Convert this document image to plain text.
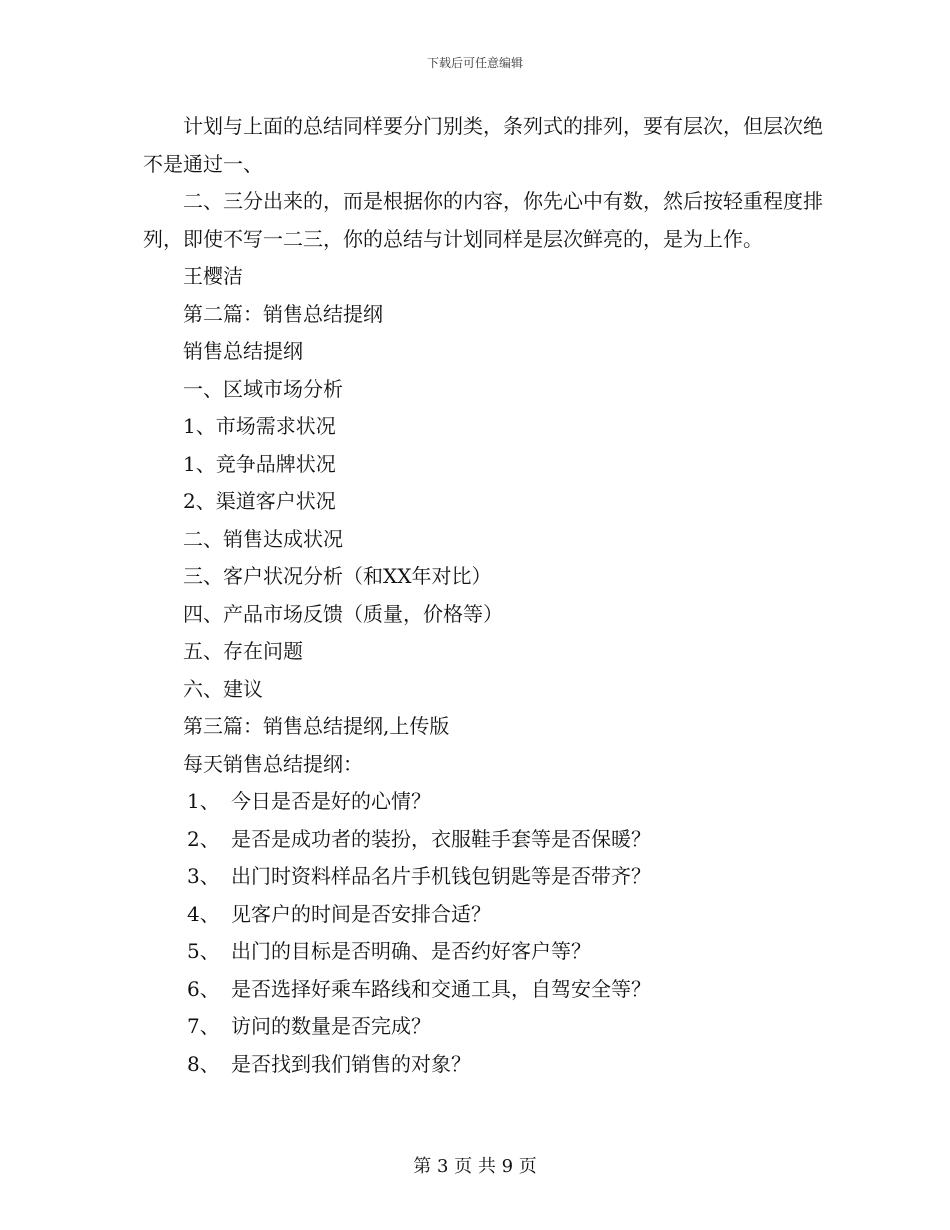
下载后可任意编辑

计划与上面的总结同样要分门别类，条列式的排列，要有层次，但层次绝不是通过一、

二、三分出来的，而是根据你的内容，你先心中有数，然后按轻重程度排列，即使不写一二三，你的总结与计划同样是层次鲜亮的，是为上作。

王樱洁

第二篇：销售总结提纲

销售总结提纲

一、区域市场分析

1、市场需求状况

1、竞争品牌状况

2、渠道客户状况

二、销售达成状况

三、客户状况分析（和XX年对比）

四、产品市场反馈（质量，价格等）

五、存在问题

六、建议

第三篇：销售总结提纲,上传版

每天销售总结提纲：

1、 今日是否是好的心情？

2、 是否是成功者的装扮，衣服鞋手套等是否保暖？

3、 出门时资料样品名片手机钱包钥匙等是否带齐？

4、 见客户的时间是否安排合适？

5、 出门的目标是否明确、是否约好客户等？

6、 是否选择好乘车路线和交通工具，自驾安全等？

7、 访问的数量是否完成？

8、 是否找到我们销售的对象？

第 3 页 共 9 页
